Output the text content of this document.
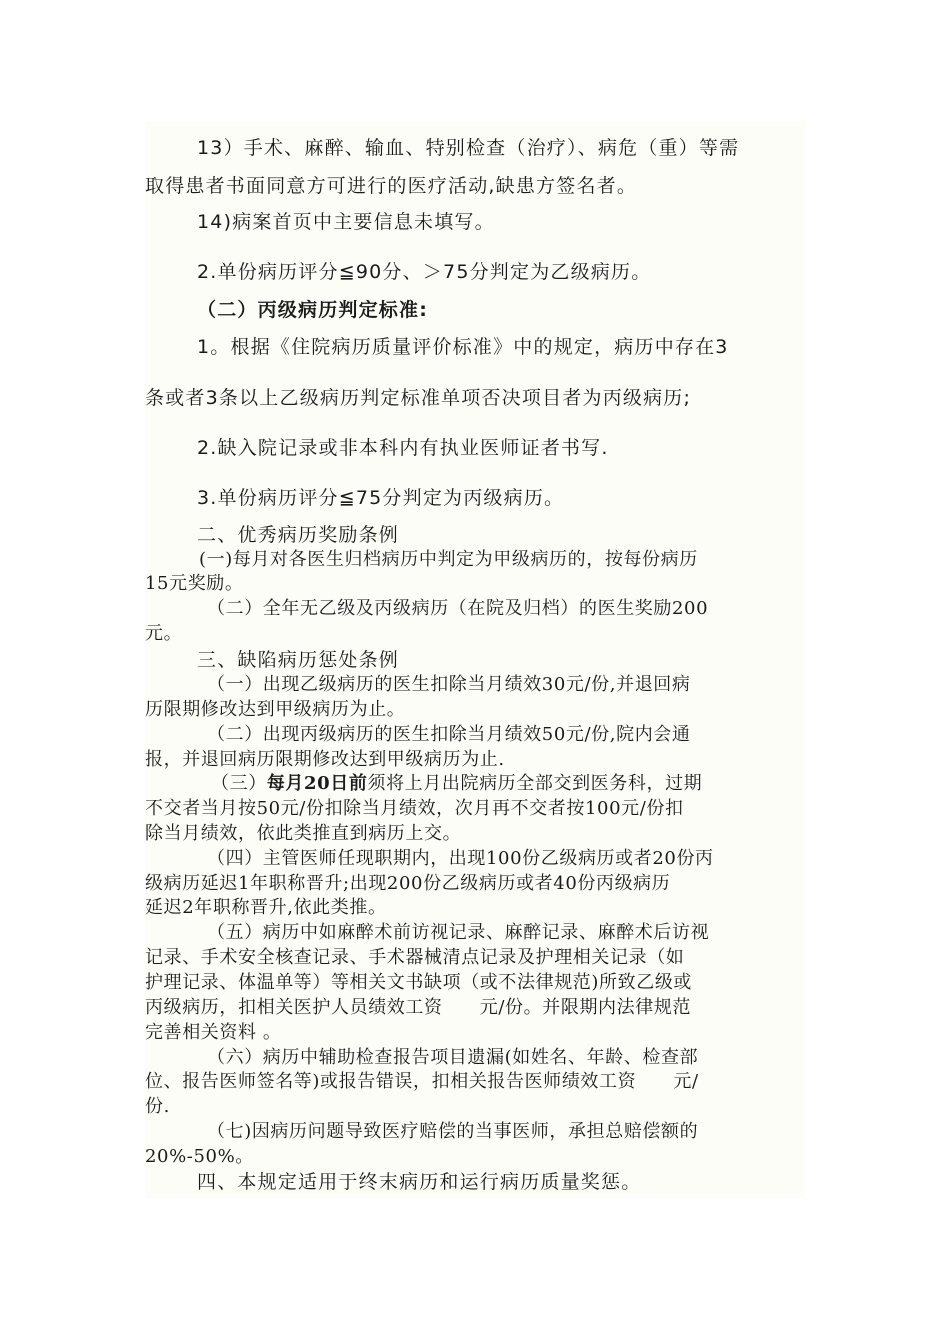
13）手术、麻醉、输血、特别检查（治疗）、病危（重）等需

取得患者书面同意方可进行的医疗活动,缺患方签名者。

14)病案首页中主要信息未填写。

2.单份病历评分≦90分、＞75分判定为乙级病历。

（二）丙级病历判定标准:

1。根据《住院病历质量评价标准》中的规定，病历中存在3

条或者3条以上乙级病历判定标准单项否决项目者为丙级病历;

2.缺入院记录或非本科内有执业医师证者书写.

3.单份病历评分≦75分判定为丙级病历。

二、优秀病历奖励条例

(一)每月对各医生归档病历中判定为甲级病历的，按每份病历

15元奖励。

（二）全年无乙级及丙级病历（在院及归档）的医生奖励200

元。

三、缺陷病历惩处条例

（一）出现乙级病历的医生扣除当月绩效30元/份,并退回病

历限期修改达到甲级病历为止。

（二）出现丙级病历的医生扣除当月绩效50元/份,院内会通

报，并退回病历限期修改达到甲级病历为止.

（三）每月20日前须将上月出院病历全部交到医务科，过期

不交者当月按50元/份扣除当月绩效，次月再不交者按100元/份扣

除当月绩效，依此类推直到病历上交。

（四）主管医师任现职期内，出现100份乙级病历或者20份丙

级病历延迟1年职称晋升;出现200份乙级病历或者40份丙级病历

延迟2年职称晋升,依此类推。

（五）病历中如麻醉术前访视记录、麻醉记录、麻醉术后访视

记录、手术安全核查记录、手术器械清点记录及护理相关记录（如

护理记录、体温单等）等相关文书缺项（或不法律规范)所致乙级或

丙级病历，扣相关医护人员绩效工资　　元/份。并限期内法律规范

完善相关资料 。

（六）病历中辅助检查报告项目遗漏(如姓名、年龄、检查部

位、报告医师签名等)或报告错误，扣相关报告医师绩效工资　　元/

份.

（七)因病历问题导致医疗赔偿的当事医师，承担总赔偿额的

20%-50%。

四、本规定适用于终末病历和运行病历质量奖惩。
